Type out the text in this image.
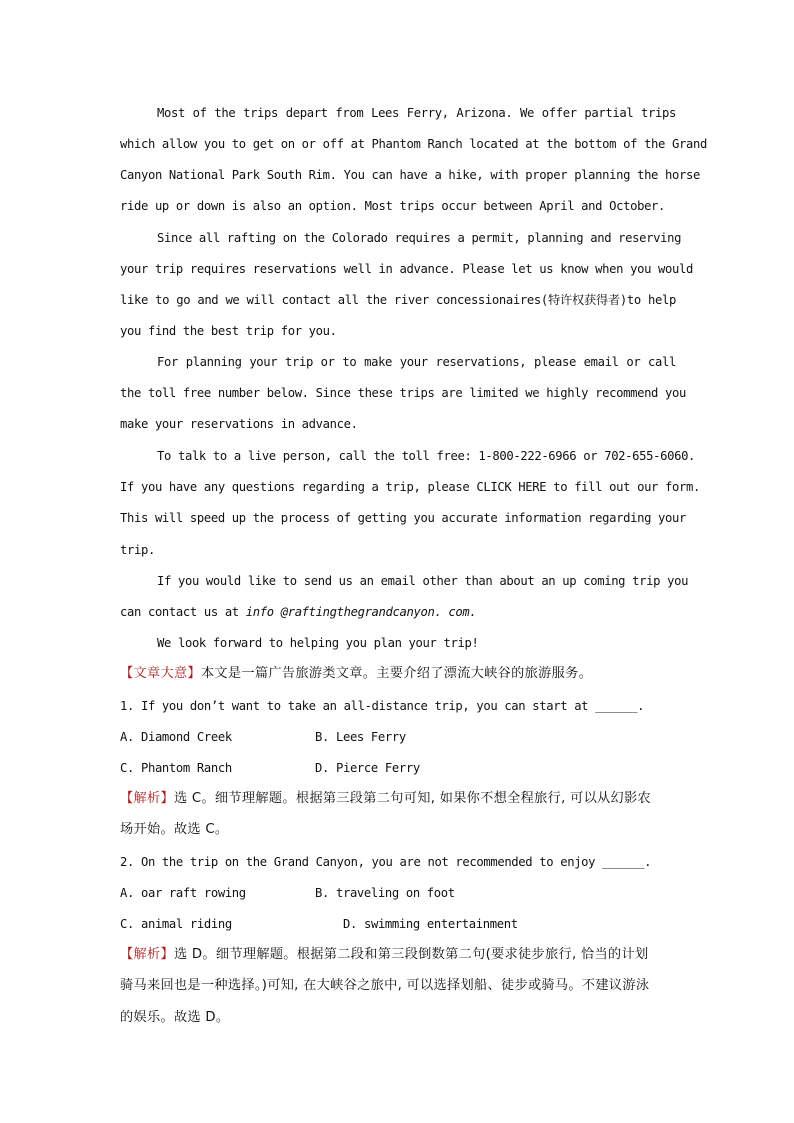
Most of the trips depart from Lees Ferry, Arizona. We offer partial trips
which allow you to get on or off at Phantom Ranch located at the bottom of the Grand
Canyon National Park South Rim. You can have a hike, with proper planning the horse
ride up or down is also an option. Most trips occur between April and October.
Since all rafting on the Colorado requires a permit, planning and reserving
your trip requires reservations well in advance. Please let us know when you would
like to go and we will contact all the river concessionaires(特许权获得者)to help
you find the best trip for you.
For planning your trip or to make your reservations, please email or call
the toll free number below. Since these trips are limited we highly recommend you
make your reservations in advance.
To talk to a live person, call the toll free: 1-800-222-6966 or 702-655-6060.
If you have any questions regarding a trip, please CLICK HERE to fill out our form.
This will speed up the process of getting you accurate information regarding your
trip.
If you would like to send us an email other than about an up coming trip you
can contact us at info @raftingthegrandcanyon. com.
We look forward to helping you plan your trip!
【文章大意】本文是一篇广告旅游类文章。主要介绍了漂流大峡谷的旅游服务。
1. If you don’t want to take an all-distance trip, you can start at ______.
A. Diamond Creek	B. Lees Ferry
C. Phantom Ranch	D. Pierce Ferry
【解析】选 C。细节理解题。根据第三段第二句可知, 如果你不想全程旅行, 可以从幻影农
场开始。故选 C。
2. On the trip on the Grand Canyon, you are not recommended to enjoy ______.
A. oar raft rowing	B. traveling on foot
C. animal riding	D. swimming entertainment
【解析】选 D。细节理解题。根据第二段和第三段倒数第二句(要求徒步旅行, 恰当的计划
骑马来回也是一种选择。)可知, 在大峡谷之旅中, 可以选择划船、徒步或骑马。不建议游泳
的娱乐。故选 D。
